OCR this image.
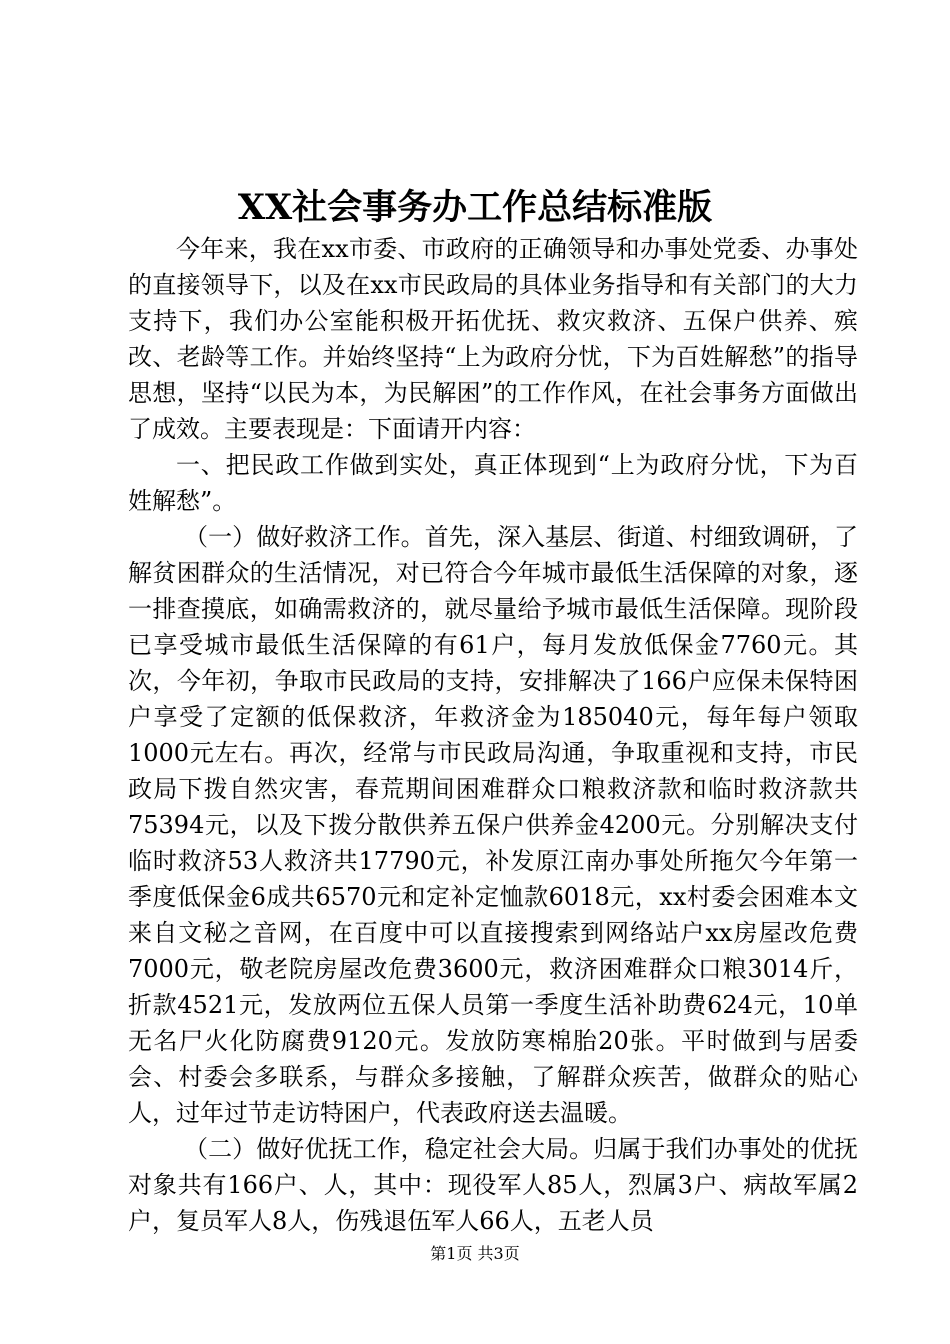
XX社会事务办工作总结标准版

今年来，我在xx市委、市政府的正确领导和办事处党委、办事处的直接领导下，以及在xx市民政局的具体业务指导和有关部门的大力支持下，我们办公室能积极开拓优抚、救灾救济、五保户供养、殡改、老龄等工作。并始终坚持“上为政府分忧，下为百姓解愁”的指导思想，坚持“以民为本，为民解困”的工作作风，在社会事务方面做出了成效。主要表现是：下面请开内容：

一、把民政工作做到实处，真正体现到“上为政府分忧，下为百姓解愁”。

（一）做好救济工作。首先，深入基层、街道、村细致调研，了解贫困群众的生活情况，对已符合今年城市最低生活保障的对象，逐一排查摸底，如确需救济的，就尽量给予城市最低生活保障。现阶段已享受城市最低生活保障的有61户，每月发放低保金7760元。其次，今年初，争取市民政局的支持，安排解决了166户应保未保特困户享受了定额的低保救济，年救济金为185040元，每年每户领取1000元左右。再次，经常与市民政局沟通，争取重视和支持，市民政局下拨自然灾害，春荒期间困难群众口粮救济款和临时救济款共75394元，以及下拨分散供养五保户供养金4200元。分别解决支付临时救济53人救济共17790元，补发原江南办事处所拖欠今年第一季度低保金6成共6570元和定补定恤款6018元，xx村委会困难本文来自文秘之音网，在百度中可以直接搜索到网络站户xx房屋改危费7000元，敬老院房屋改危费3600元，救济困难群众口粮3014斤，折款4521元，发放两位五保人员第一季度生活补助费624元，10单无名尸火化防腐费9120元。发放防寒棉胎20张。平时做到与居委会、村委会多联系，与群众多接触，了解群众疾苦，做群众的贴心人，过年过节走访特困户，代表政府送去温暖。

（二）做好优抚工作，稳定社会大局。归属于我们办事处的优抚对象共有166户、人，其中：现役军人85人，烈属3户、病故军属2户，复员军人8人，伤残退伍军人66人，五老人员

第1页 共3页
